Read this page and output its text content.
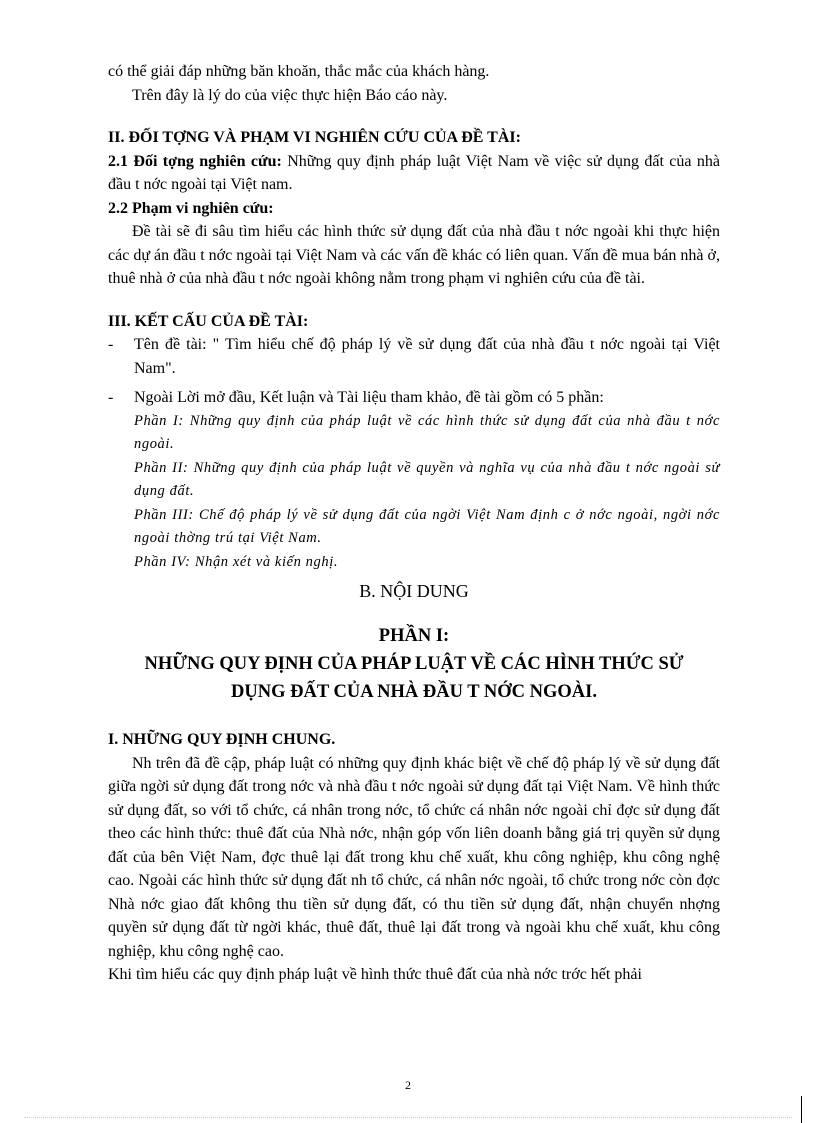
có thể giải đáp những băn khoăn, thắc mắc của khách hàng.

Trên đây là lý do của việc thực hiện Báo cáo này.

II. ĐỐI TỢNG VÀ PHẠM VI NGHIÊN CỨU CỦA ĐỀ TÀI:

2.1 Đối tợng nghiên cứu: Những quy định pháp luật Việt Nam về việc sử dụng đất của nhà đầu t nớc ngoài tại Việt nam.

2.2 Phạm vi nghiên cứu:

Đề tài sẽ đi sâu tìm hiểu các hình thức sử dụng đất của nhà đầu t nớc ngoài khi thực hiện các dự án đầu t nớc ngoài tại Việt Nam và các vấn đề khác có liên quan. Vấn đề mua bán nhà ở, thuê nhà ở của nhà đầu t nớc ngoài không nằm trong phạm vi nghiên cứu của đề tài.

III. KẾT CẤU CỦA ĐỀ TÀI:

- Tên đề tài: " Tìm hiểu chế độ pháp lý về sử dụng đất của nhà đầu t nớc ngoài tại Việt Nam".

- Ngoài Lời mở đầu, Kết luận và Tài liệu tham khảo, đề tài gồm có 5 phần:

Phần I: Những quy định của pháp luật về các hình thức sử dụng đất của nhà đầu t nớc ngoài.

Phần II: Những quy định của pháp luật về quyền và nghĩa vụ của nhà đầu t nớc ngoài sử dụng đất.

Phần III: Chế độ pháp lý về sử dụng đất của ngời Việt Nam định c ở nớc ngoài, ngời nớc ngoài thờng trú tại Việt Nam.

Phần IV: Nhận xét và kiến nghị.

B. NỘI DUNG

PHẦN I:

NHỮNG QUY ĐỊNH CỦA PHÁP LUẬT VỀ CÁC HÌNH THỨC SỬ

DỤNG ĐẤT CỦA NHÀ ĐẦU T NỚC NGOÀI.

I. NHỮNG QUY ĐỊNH CHUNG.

Nh trên đã đề cập, pháp luật có những quy định khác biệt về chế độ pháp lý về sử dụng đất giữa ngời sử dụng đất trong nớc và nhà đầu t nớc ngoài sử dụng đất tại Việt Nam. Về hình thức sử dụng đất, so với tổ chức, cá nhân trong nớc, tổ chức cá nhân nớc ngoài chỉ đợc sử dụng đất theo các hình thức: thuê đất của Nhà nớc, nhận góp vốn liên doanh bằng giá trị quyền sử dụng đất của bên Việt Nam, đợc thuê lại đất trong khu chế xuất, khu công nghiệp, khu công nghệ cao. Ngoài các hình thức sử dụng đất nh tổ chức, cá nhân nớc ngoài, tổ chức trong nớc còn đợc Nhà nớc giao đất không thu tiền sử dụng đất, có thu tiền sử dụng đất, nhận chuyển nhợng quyền sử dụng đất từ ngời khác, thuê đất, thuê lại đất trong và ngoài khu chế xuất, khu công nghiệp, khu công nghệ cao.

Khi tìm hiểu các quy định pháp luật về hình thức thuê đất của nhà nớc trớc hết phải

2
